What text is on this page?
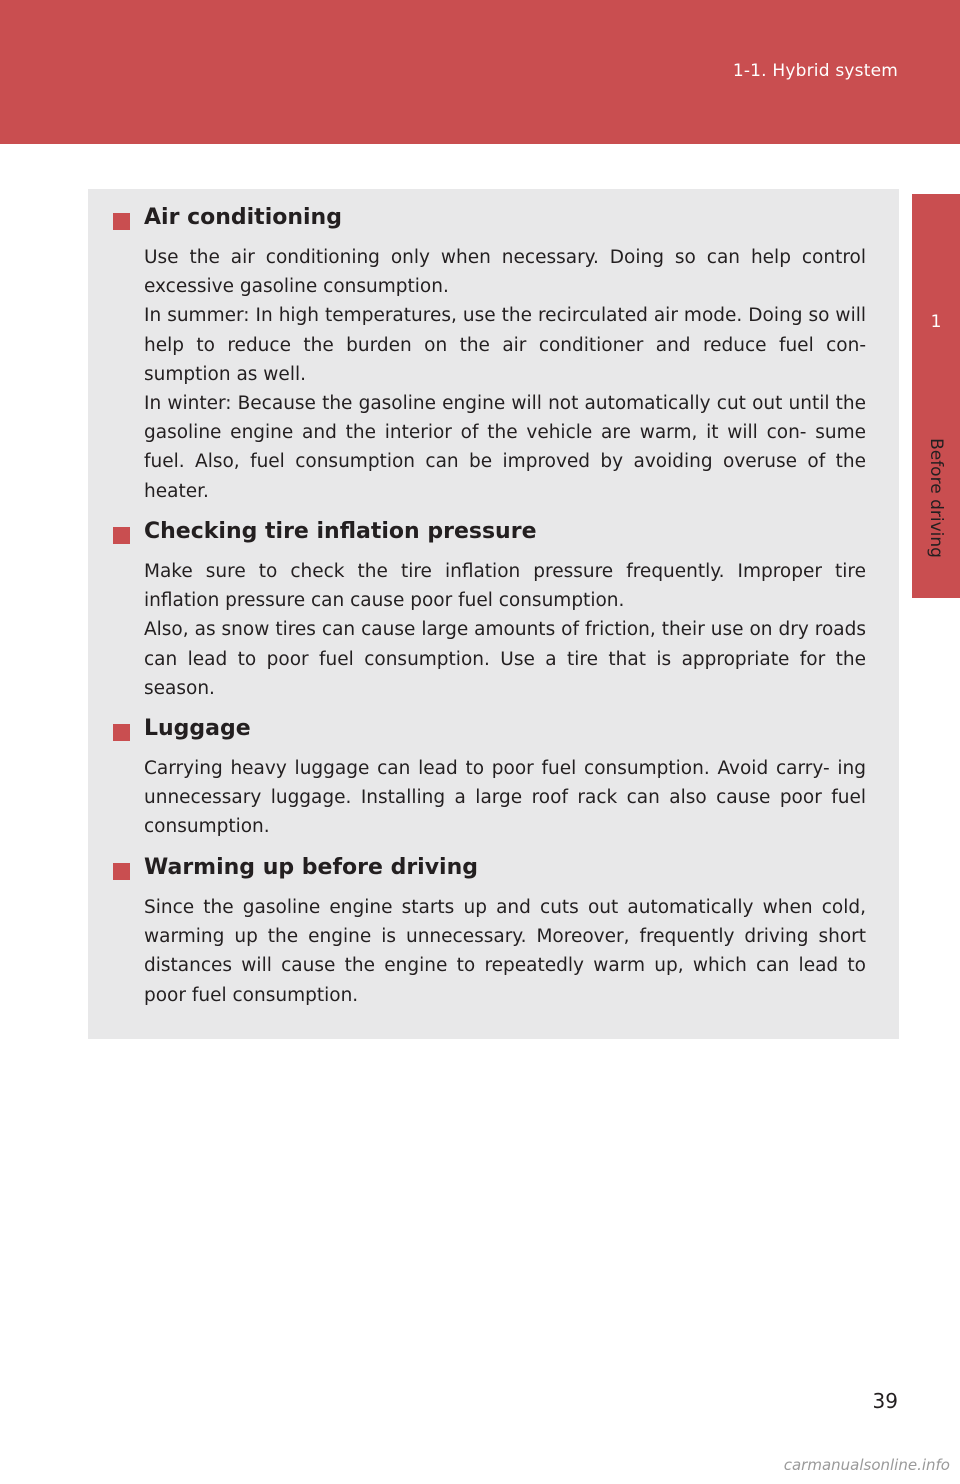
1-1. Hybrid system
1
Before driving
Air conditioning

Use the air conditioning only when necessary. Doing so can help control excessive gasoline consumption.

In summer: In high temperatures, use the recirculated air mode. Doing so will help to reduce the burden on the air conditioner and reduce fuel con- sumption as well.

In winter: Because the gasoline engine will not automatically cut out until the gasoline engine and the interior of the vehicle are warm, it will con- sume fuel. Also, fuel consumption can be improved by avoiding overuse of the heater.

Checking tire inflation pressure

Make sure to check the tire inflation pressure frequently. Improper tire inflation pressure can cause poor fuel consumption.

Also, as snow tires can cause large amounts of friction, their use on dry roads can lead to poor fuel consumption. Use a tire that is appropriate for the season.

Luggage

Carrying heavy luggage can lead to poor fuel consumption. Avoid carry- ing unnecessary luggage. Installing a large roof rack can also cause poor fuel consumption.

Warming up before driving

Since the gasoline engine starts up and cuts out automatically when cold, warming up the engine is unnecessary. Moreover, frequently driving short distances will cause the engine to repeatedly warm up, which can lead to poor fuel consumption.

39
carmanualsonline.info
